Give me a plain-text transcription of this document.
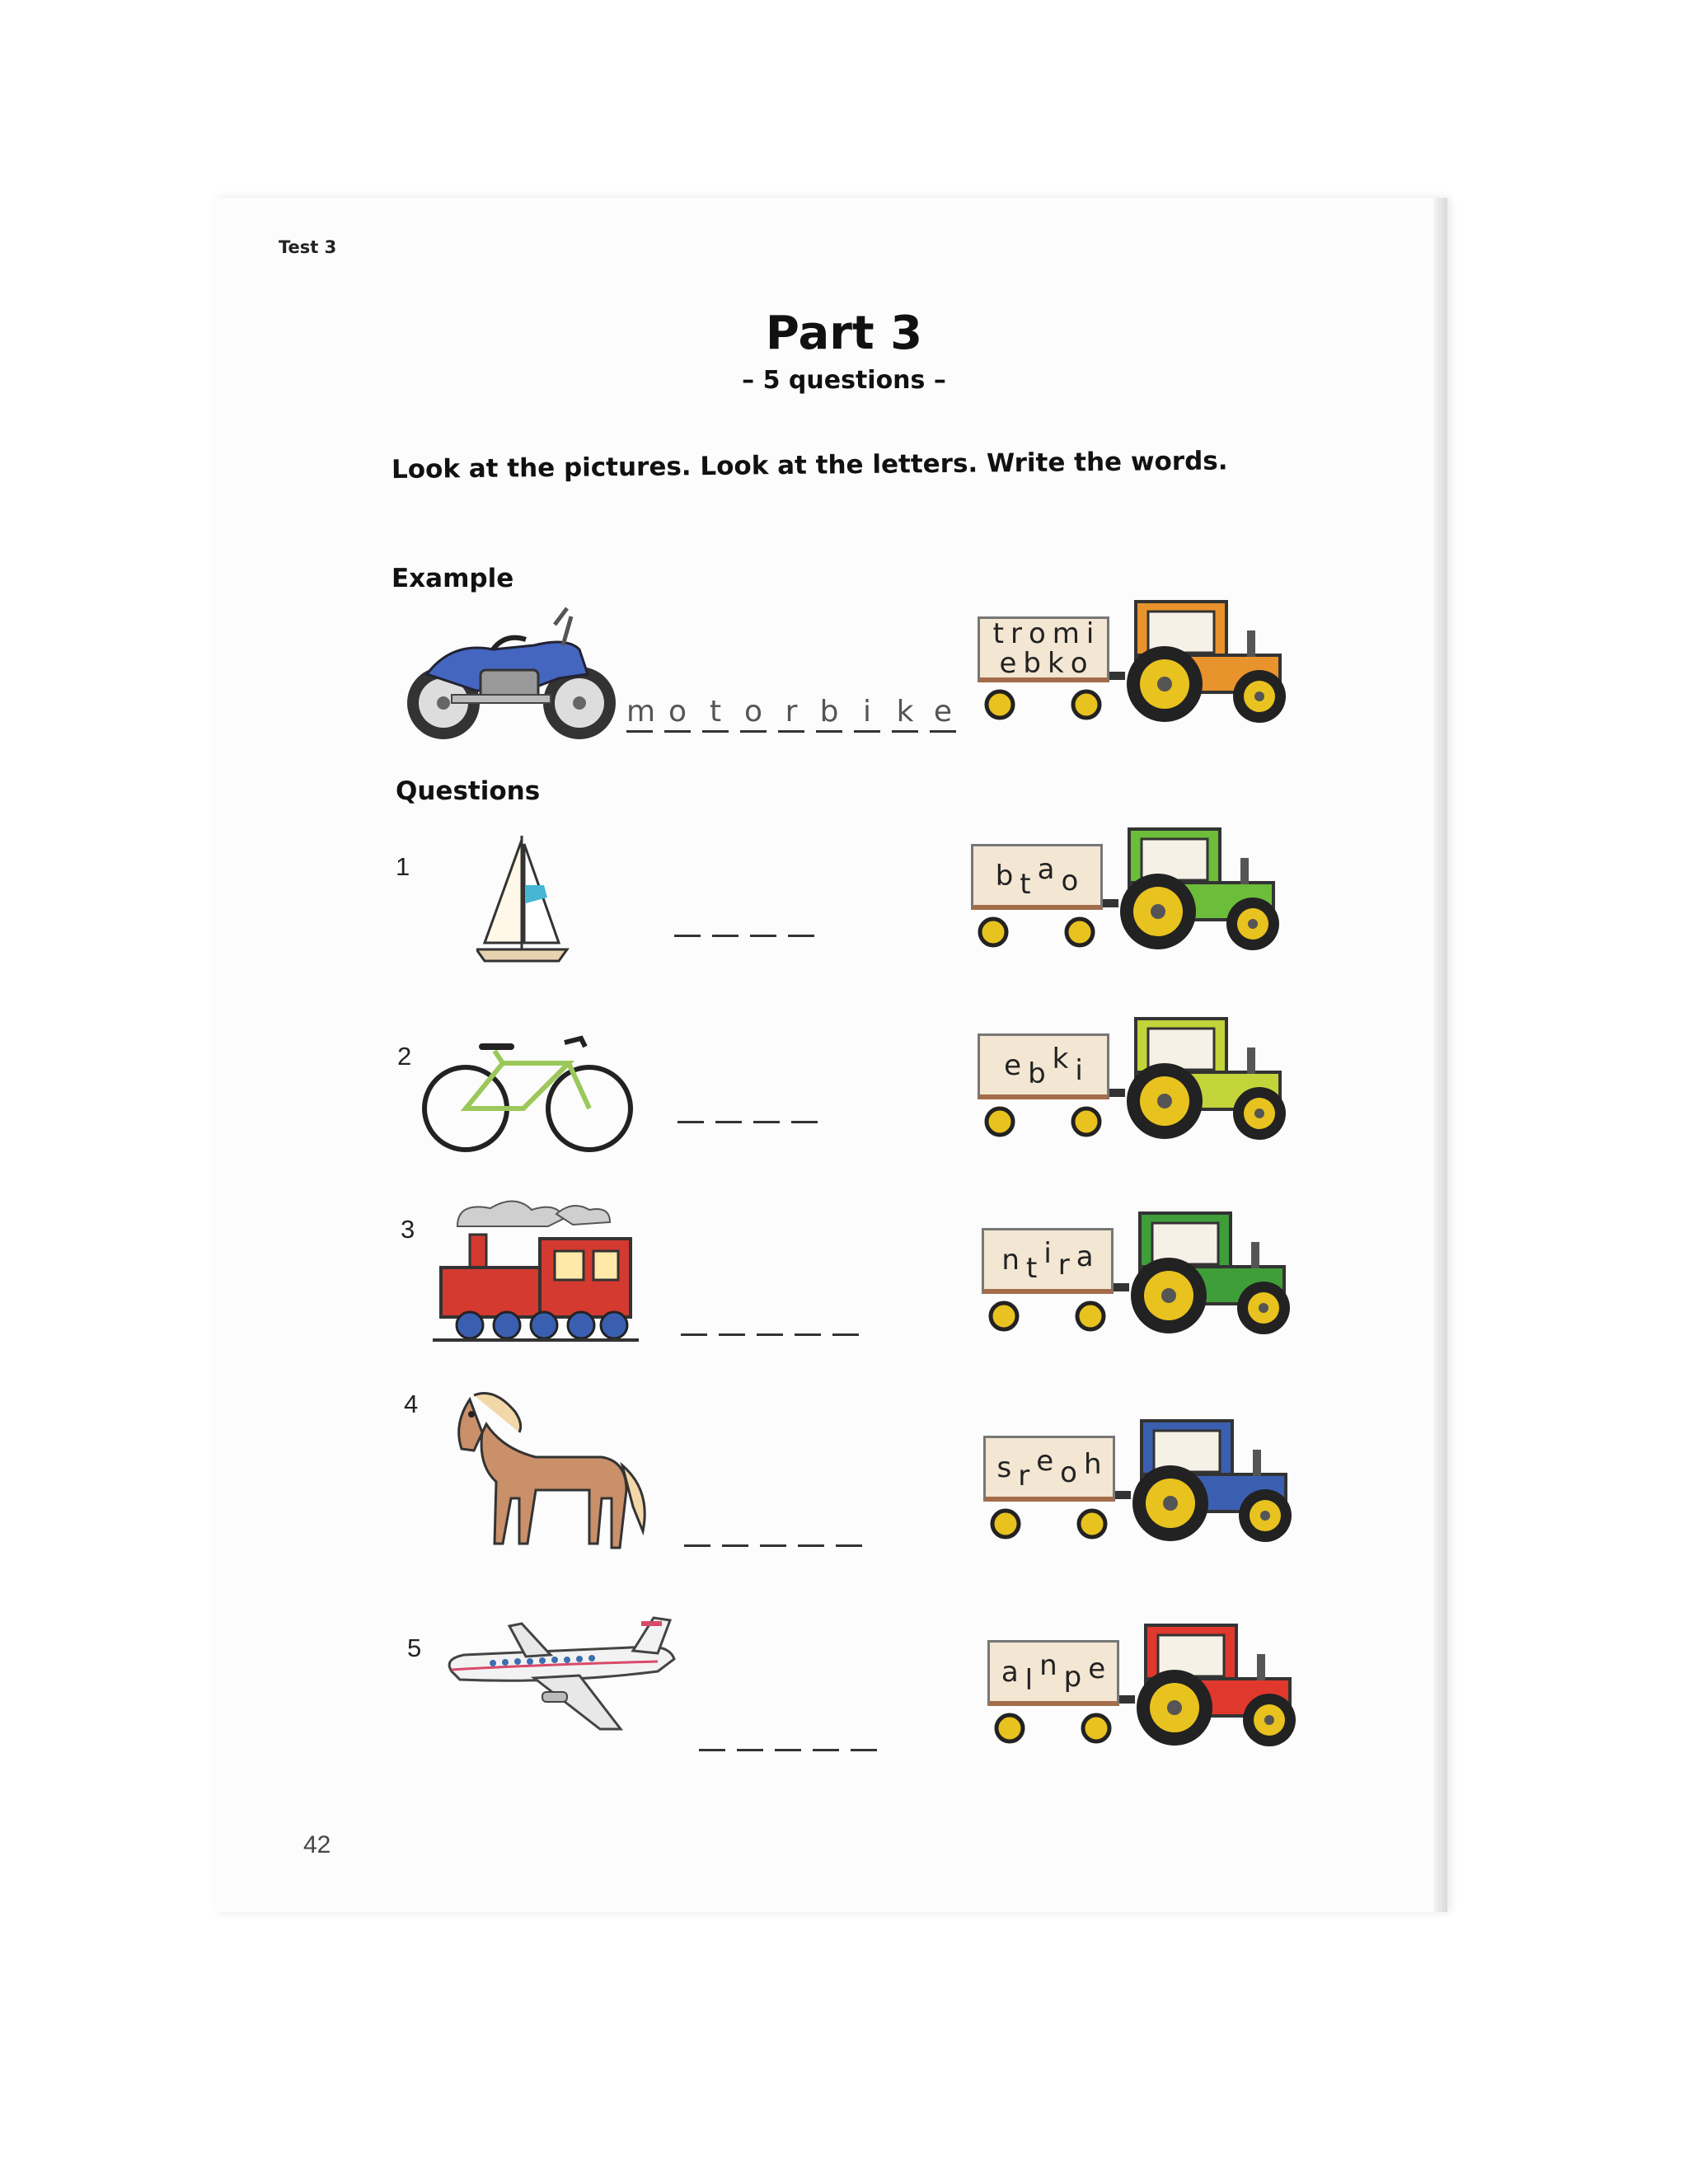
Test 3
Part 3
– 5 questions –
Look at the pictures. Look at the letters. Write the words.
Example
m o t o r b i k e
t r o m i
e b k o
Questions
1	b t a o
2	e b k i
3
n t i r a
4
s r e o h
5
a l n p e
42
